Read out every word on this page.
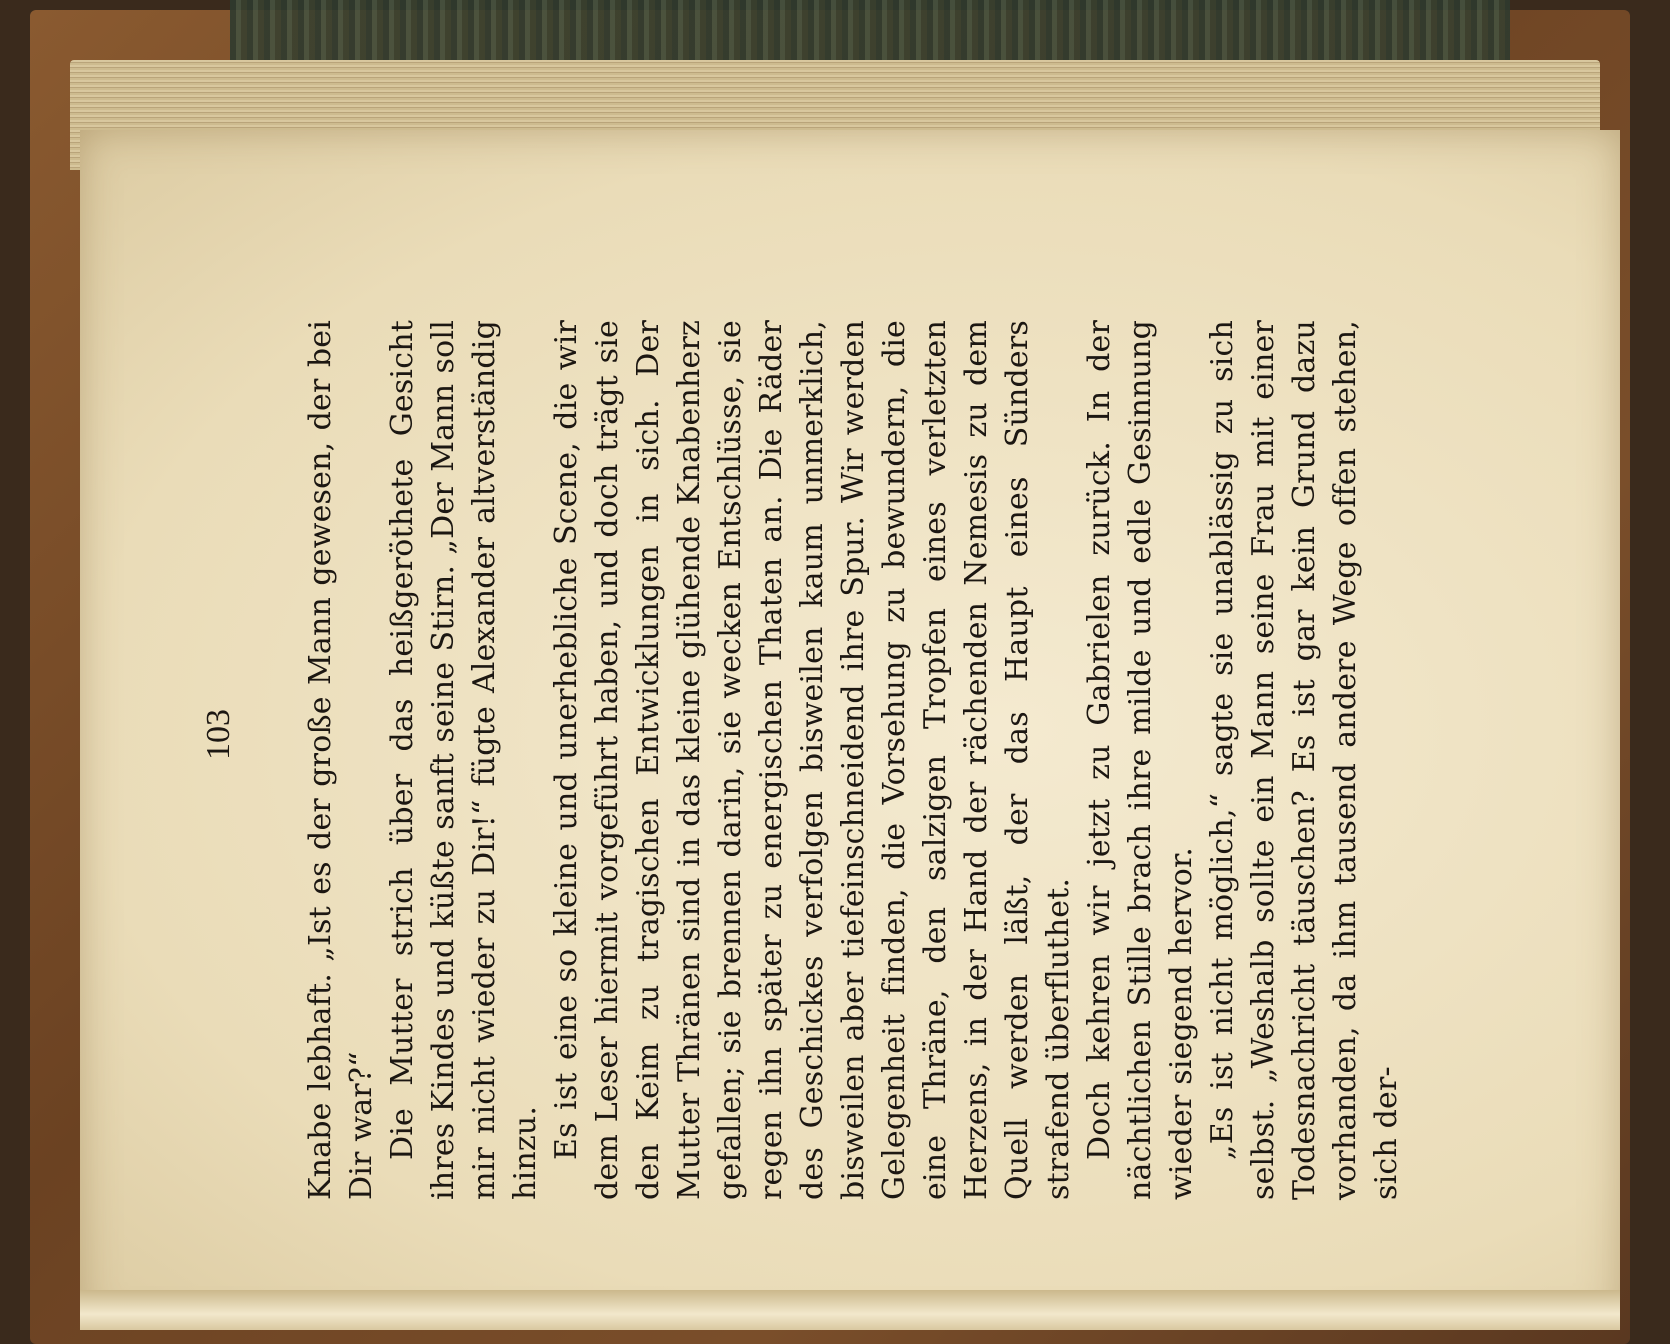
103 Knabe lebhaft. „Ist es der große Mann gewesen, der bei Dir war?“ Die Mutter strich über das heißgeröthete Gesicht ihres Kindes und küßte sanft seine Stirn. „Der Mann soll mir nicht wieder zu Dir!“ fügte Alexander altverständig hinzu. Es ist eine so kleine und unerhebliche Scene, die wir dem Leser hiermit vorgeführt haben, und doch trägt sie den Keim zu tragischen Entwicklungen in sich. Der Mutter Thränen sind in das kleine glühende Knabenherz gefallen; sie brennen darin, sie wecken Entschlüsse, sie regen ihn später zu energischen Thaten an. Die Räder des Geschickes verfolgen bisweilen kaum unmerklich, bisweilen aber tiefeinschneidend ihre Spur. Wir werden Gelegenheit finden, die Vorsehung zu bewundern, die eine Thräne, den salzigen Tropfen eines verletzten Herzens, in der Hand der rächenden Nemesis zu dem Quell werden läßt, der das Haupt eines Sünders strafend überfluthet. Doch kehren wir jetzt zu Gabrielen zurück. In der nächtlichen Stille brach ihre milde und edle Gesinnung wieder siegend hervor. „Es ist nicht möglich,“ sagte sie unablässig zu sich selbst. „Weshalb sollte ein Mann seine Frau mit einer Todesnachricht täuschen? Es ist gar kein Grund dazu vorhanden, da ihm tausend andere Wege offen stehen, sich der-
